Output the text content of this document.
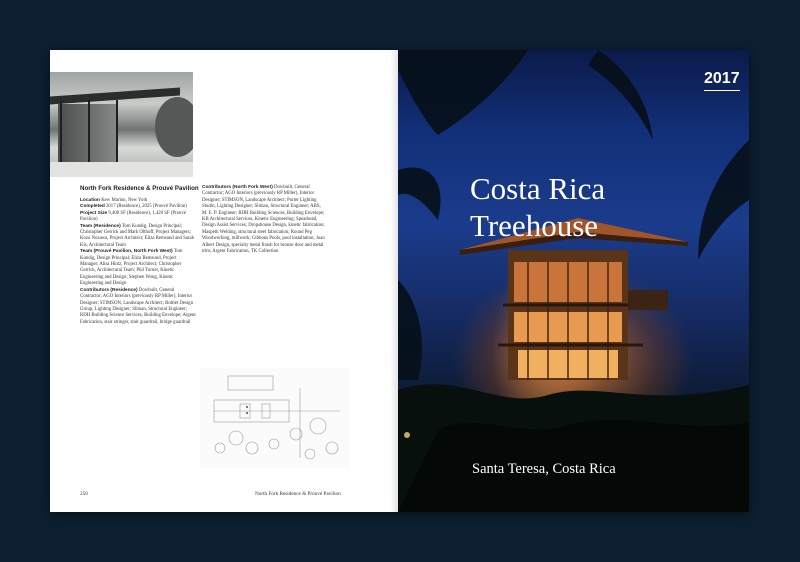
North Fork Residence & Prouvé Pavilion

Location Kew Marion, New York

Completed 2017 (Residence), 2025 (Prouvé Pavilion)

Project Size 9,400 SF (Residence), 1,420 SF (Prouvé Pavilion)

Team (Residence) Tom Kundig, Design Principal; Christopher Gerrick and Mark Olthoff, Project Managers; Kozo Nozawa, Project Architect; Eliza Remsund and Sarah Kis, Architectural Team

Team (Prouvé Pavilion, North Fork West) Tom Kundig, Design Principal; Eliza Remsund, Project Manager; Alisa Hintz, Project Architect; Christopher Gerrick, Architectural Team; Phil Turner, Kinetic Engineering and Design; Stephen Wong, Kinetic Engineering and Design

Contributors (Residence) Dowbuilt, General Contractor; AGO Interiors (previously RP Miller), Interior Designer; STIMSON, Landscape Architect; Rottlet Design Group, Lighting Designer; Sliman, Structural Engineer; RDH Building Science Services, Building Envelope; Argent Fabrication, stair stringer, stair guardrail, bridge guardrail

Contributors (North Fork West) Dowbuilt, General Contractor; AGO Interiors (previously RP Miller), Interior Designer; STIMSON, Landscape Architect; Porter Lighting Studio, Lighting Designer; Sliman, Structural Engineer; ABS, M. E. P. Engineer; RDH Building Sciences, Building Envelope; KB Architectural Services, Kinetic Engineering; Spearhead, Design Assist Services; Dropshouse Design, kinetic fabrication; Maspeth Welding, structural steel fabrication; Round Peg Woodworking, millwork; Gibbons Pools, pool installation; Juan Albert Design, specialty metal finish for bronze door and metal trim; Argent Fabrication, TK Collection

250	North Fork Residence & Prouvé Pavilion
2017
Costa Rica
Treehouse
Santa Teresa, Costa Rica
